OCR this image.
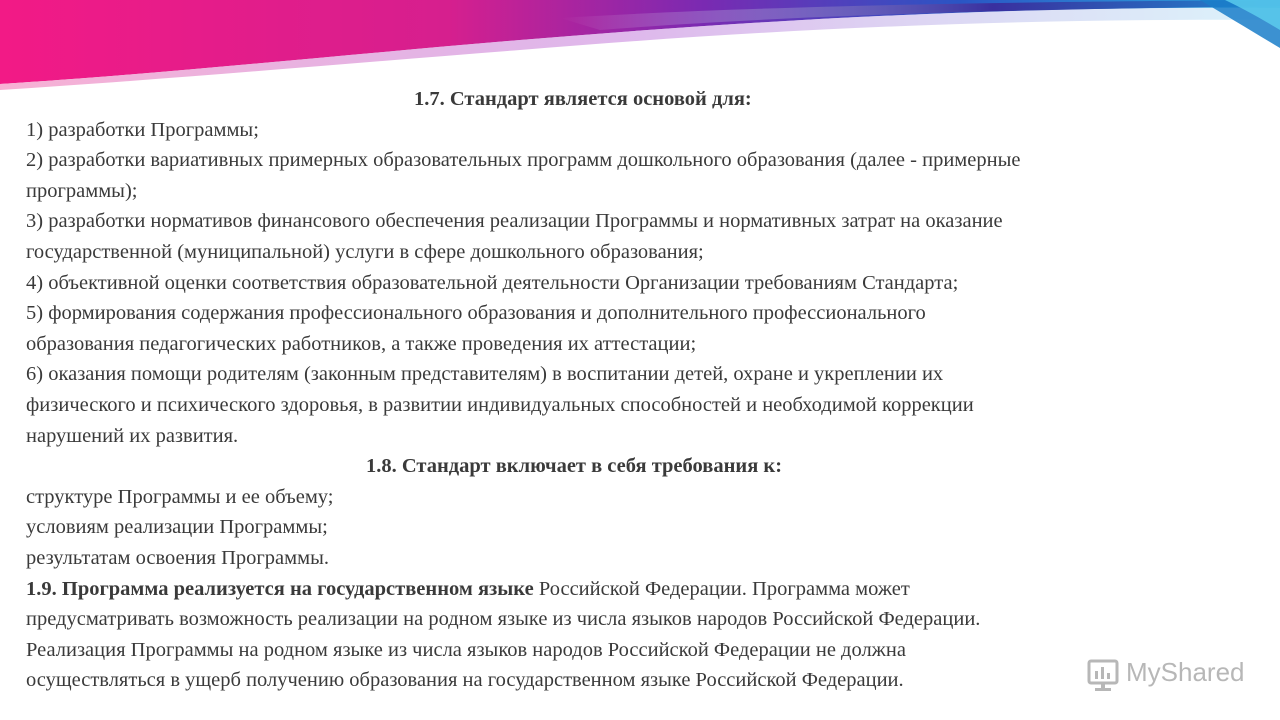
1.7. Стандарт является основой для:
1) разработки Программы;
2) разработки вариативных примерных образовательных программ дошкольного образования (далее - примерные
программы);
3) разработки нормативов финансового обеспечения реализации Программы и нормативных затрат на оказание
государственной (муниципальной) услуги в сфере дошкольного образования;
4) объективной оценки соответствия образовательной деятельности Организации требованиям Стандарта;
5) формирования содержания профессионального образования и дополнительного профессионального
образования педагогических работников, а также проведения их аттестации;
6) оказания помощи родителям (законным представителям) в воспитании детей, охране и укреплении их
физического и психического здоровья, в развитии индивидуальных способностей и необходимой коррекции
нарушений их развития.
1.8. Стандарт включает в себя требования к:
структуре Программы и ее объему;
условиям реализации Программы;
результатам освоения Программы.
1.9. Программа реализуется на государственном языке Российской Федерации. Программа может
предусматривать возможность реализации на родном языке из числа языков народов Российской Федерации.
Реализация Программы на родном языке из числа языков народов Российской Федерации не должна
осуществляться в ущерб получению образования на государственном языке Российской Федерации.	MyShared
